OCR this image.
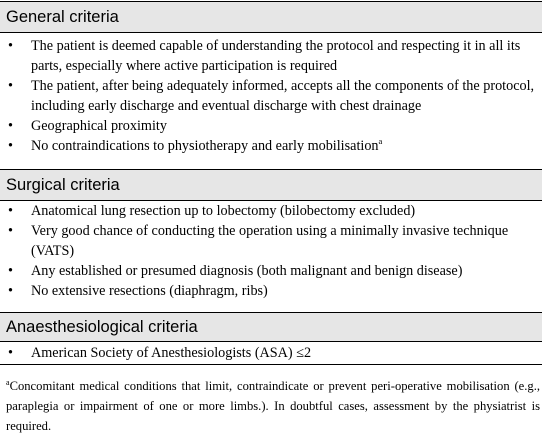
General criteria
• The patient is deemed capable of understanding the protocol and respecting it in all its parts, especially where active participation is required
• The patient, after being adequately informed, accepts all the components of the protocol, including early discharge and eventual discharge with chest drainage
• Geographical proximity
• No contraindications to physiotherapy and early mobilisation$^a$
Surgical criteria
• Anatomical lung resection up to lobectomy (bilobectomy excluded)
• Very good chance of conducting the operation using a minimally invasive technique (VATS)
• Any established or presumed diagnosis (both malignant and benign disease)
• No extensive resections (diaphragm, ribs)
Anaesthesiological criteria
• American Society of Anesthesiologists (ASA) ≤2
$^a$Concomitant medical conditions that limit, contraindicate or prevent peri-operative mobilisation (e.g., paraplegia or impairment of one or more limbs.). In doubtful cases, assessment by the physiatrist is required.
